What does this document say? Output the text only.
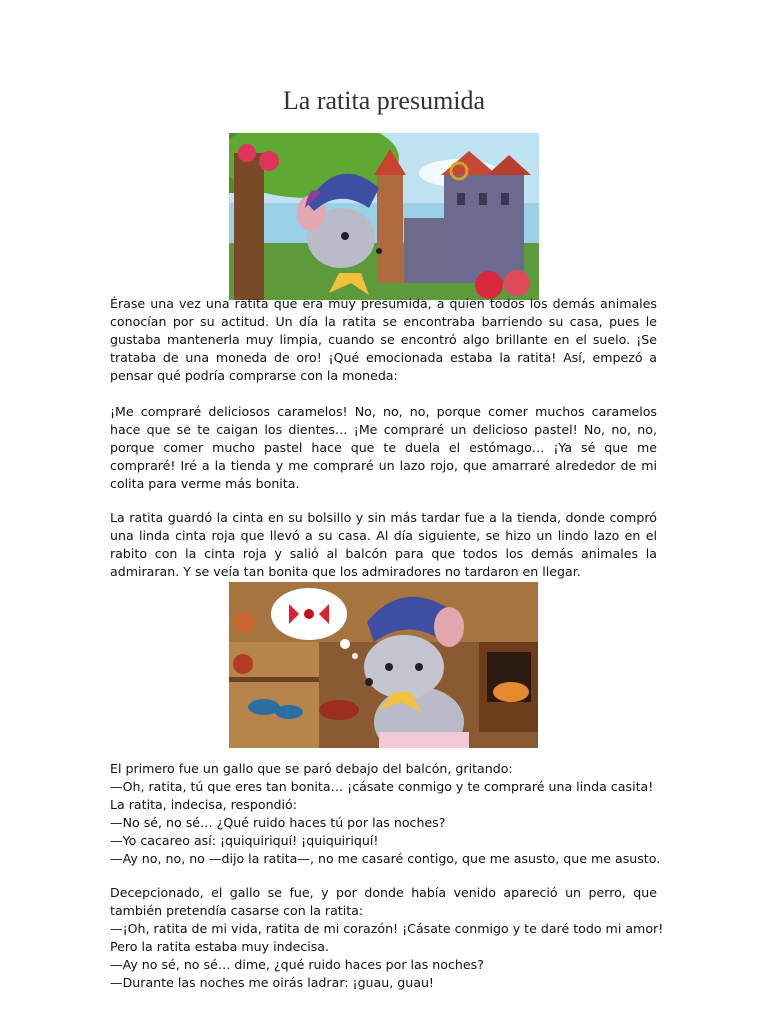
La ratita presumida

Érase una vez una ratita que era muy presumida, a quien todos los demás animales conocían por su actitud. Un día la ratita se encontraba barriendo su casa, pues le gustaba mantenerla muy limpia, cuando se encontró algo brillante en el suelo. ¡Se trataba de una moneda de oro! ¡Qué emocionada estaba la ratita! Así, empezó a pensar qué podría comprarse con la moneda:

¡Me compraré deliciosos caramelos! No, no, no, porque comer muchos caramelos hace que se te caigan los dientes… ¡Me compraré un delicioso pastel! No, no, no, porque comer mucho pastel hace que te duela el estómago… ¡Ya sé que me compraré! Iré a la tienda y me compraré un lazo rojo, que amarraré alrededor de mi colita para verme más bonita.

La ratita guardó la cinta en su bolsillo y sin más tardar fue a la tienda, donde compró una linda cinta roja que llevó a su casa. Al día siguiente, se hizo un lindo lazo en el rabito con la cinta roja y salió al balcón para que todos los demás animales la admiraran. Y se veía tan bonita que los admiradores no tardaron en llegar.

El primero fue un gallo que se paró debajo del balcón, gritando:
—Oh, ratita, tú que eres tan bonita… ¡cásate conmigo y te compraré una linda casita!
La ratita, indecisa, respondió:
—No sé, no sé… ¿Qué ruido haces tú por las noches?
—Yo cacareo así: ¡quiquiriquí! ¡quiquiriquí!
—Ay no, no, no —dijo la ratita—, no me casaré contigo, que me asusto, que me asusto.

Decepcionado, el gallo se fue, y por donde había venido apareció un perro, que también pretendía casarse con la ratita:

—¡Oh, ratita de mi vida, ratita de mi corazón! ¡Cásate conmigo y te daré todo mi amor!
Pero la ratita estaba muy indecisa.
—Ay no sé, no sé… dime, ¿qué ruido haces por las noches?
—Durante las noches me oirás ladrar: ¡guau, guau!
